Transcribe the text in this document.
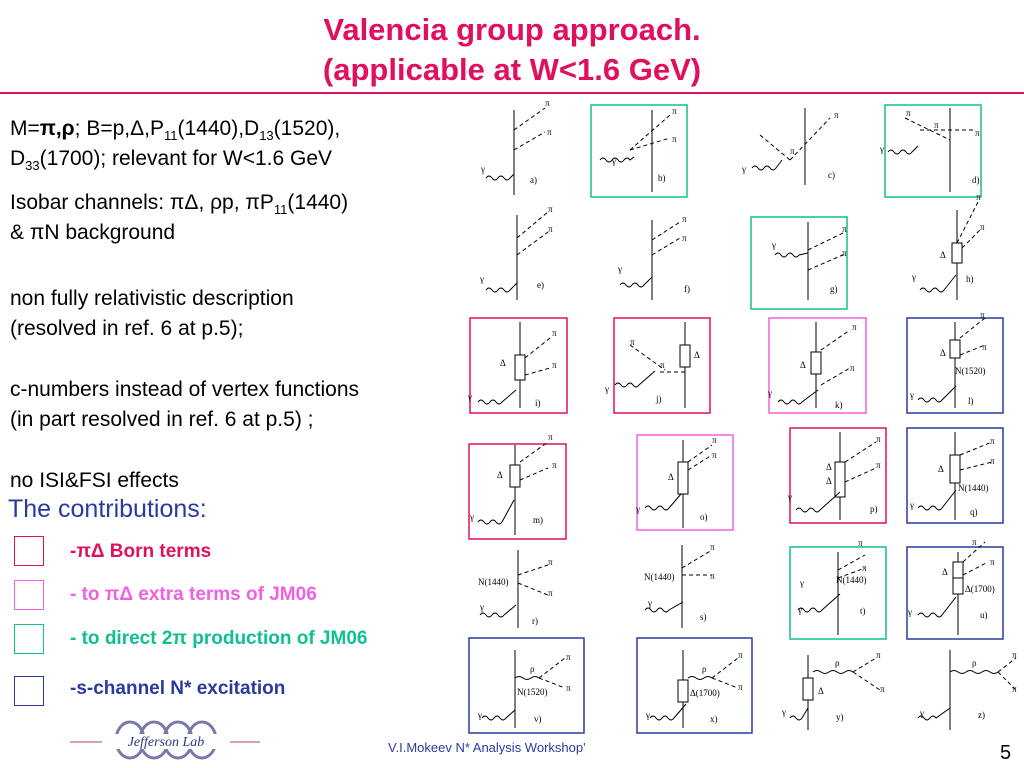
Valencia group approach.
(applicable at W<1.6 GeV)
M=π,ρ; $B=p,\Delta,P_{11}(1440),D_{13}(1520)$,
$D_{33}(1700)$; relevant for W<1.6 GeV
Isobar channels: πΔ, ρp, $\pi P_{11}(1440)$
& πN background
non fully relativistic description
(resolved in ref. 6 at p.5);
c-numbers instead of vertex functions
(in part resolved in ref. 6 at p.5) ;
no ISI&FSI effects
The contributions:
-πΔ Born terms
- to πΔ extra terms of JM06
- to direct 2π production of JM06
-s-channel N* excitation
π
π
γ
a)
π
π
γ
b)
π
π
γ
c)
π
π
π
γ
d)
π
π
γ
e)
π
π
γ
f)
π
π
γ
g)
π
π
Δ
γ	h)
π
π
Δ
γ
i)
π
π
Δ
γ
j)
π
π
Δ
γ
k)
π
π
Δ
N(1520)
γ
l)
π
π
Δ
γ	m)
π
π
Δ
γ
o)
π
π
Δ
Δ
γ
p)
π
π
Δ
N(1440)
γ
q)
π
π
N(1440)
γ
r)
π
π
N(1440)
γ
s)
π
π
N(1440)
γ
γ	t)
π
π
Δ
Δ(1700)
γ	u)
ρ
π
π
N(1520)
γ	v)
ρ
π
π
Δ(1700)
γ	x)
ρ
π
π
Δ
γ	y)
ρ
π
π
γ	z)
Jefferson Lab	V.I.Mokeev N* Analysis Workshop'	5
